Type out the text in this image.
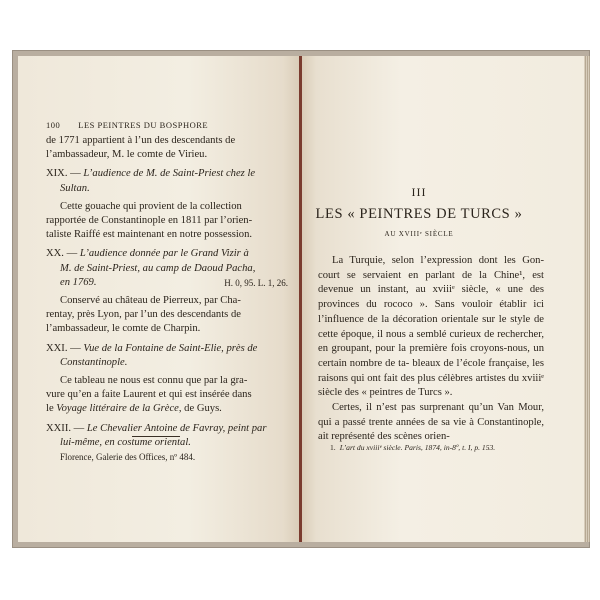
100 LES PEINTRES DU BOSPHORE

de 1771 appartient à l’un des descendants de

l’ambassadeur, M. le comte de Virieu.

XIX. — L’audience de M. de Saint-Priest chez le

Sultan.

Cette gouache qui provient de la collection

rapportée de Constantinople en 1811 par l’orien-

taliste Raiffé est maintenant en notre possession.

XX. — L’audience donnée par le Grand Vizir à

M. de Saint-Priest, au camp de Daoud Pacha,

en 1769.	H. 0, 95. L. 1, 26.

Conservé au château de Pierreux, par Cha-

rentay, près Lyon, par l’un des descendants de

l’ambassadeur, le comte de Charpin.

XXI. — Vue de la Fontaine de Saint-Elie, près de

Constantinople.

Ce tableau ne nous est connu que par la gra-

vure qu’en a faite Laurent et qui est insérée dans

le Voyage littéraire de la Grèce, de Guys.

XXII. — Le Chevalier Antoine de Favray, peint par

lui-même, en costume oriental.

Florence, Galerie des Offices, nº 484.

III
LES « PEINTRES DE TURCS »
AU XVIIIᵉ SIÈCLE

La Turquie, selon l’expression dont les Gon- court se servaient en parlant de la Chine¹, est devenue un instant, au xviiiᵉ siècle, « une des provinces du rococo ». Sans vouloir établir ici l’influence de la décoration orientale sur le style de cette époque, il nous a semblé curieux de rechercher, en groupant, pour la première fois croyons-nous, un certain nombre de ta- bleaux de l’école française, les raisons qui ont fait des plus célèbres artistes du xviiiᵉ siècle des « peintres de Turcs ».

Certes, il n’est pas surprenant qu’un Van Mour, qui a passé trente années de sa vie à Constantinople, ait représenté des scènes orien-

1. L’art du xviiiᵉ siècle. Paris, 1874, in-8º, t. I, p. 153.
